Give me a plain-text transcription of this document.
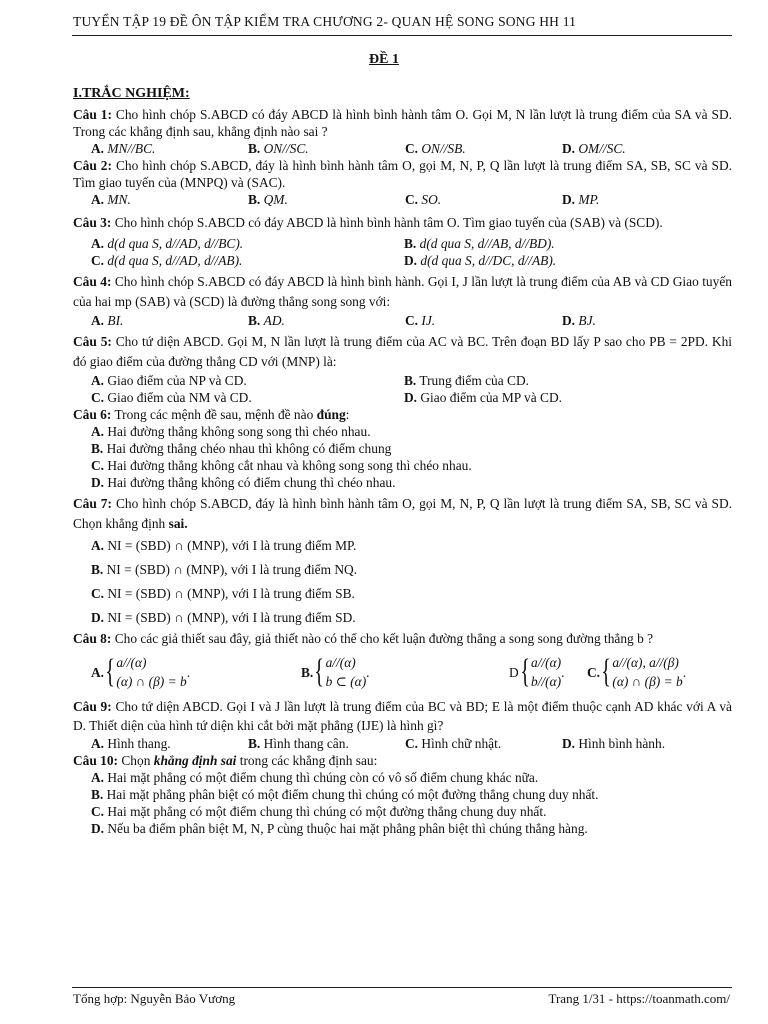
TUYỂN TẬP 19 ĐỀ ÔN TẬP KIỂM TRA CHƯƠNG 2- QUAN HỆ SONG SONG HH 11
ĐỀ 1
I.TRẮC NGHIỆM:
Câu 1: Cho hình chóp S.ABCD có đáy ABCD là hình bình hành tâm O. Gọi M, N lần lượt là trung điểm của SA và SD. Trong các khẳng định sau, khẳng định nào sai ?
A. MN//BC.	B. ON//SC.	C. ON//SB.	D. OM//SC.
Câu 2: Cho hình chóp S.ABCD, đáy là hình bình hành tâm O, gọi M, N, P, Q lần lượt là trung điểm SA, SB, SC và SD. Tìm giao tuyến của (MNPQ) và (SAC).
A. MN.	B. QM.	C. SO.	D. MP.
Câu 3: Cho hình chóp S.ABCD có đáy ABCD là hình bình hành tâm O. Tìm giao tuyến của (SAB) và (SCD).
A. d(d qua S, d//AD, d//BC).	B. d(d qua S, d//AB, d//BD).
C. d(d qua S, d//AD, d//AB).	D. d(d qua S, d//DC, d//AB).
Câu 4: Cho hình chóp S.ABCD có đáy ABCD là hình bình hành. Gọi I, J lần lượt là trung điểm của AB và CD Giao tuyến của hai mp (SAB) và (SCD) là đường thẳng song song với:
A. BI.	B. AD.	C. IJ.	D. BJ.
Câu 5: Cho tứ diện ABCD. Gọi M, N lần lượt là trung điểm của AC và BC. Trên đoạn BD lấy P sao cho PB = 2PD. Khi đó giao điểm của đường thẳng CD với (MNP) là:
A. Giao điểm của NP và CD.	B. Trung điểm của CD.
C. Giao điểm của NM và CD.	D. Giao điểm của MP và CD.
Câu 6: Trong các mệnh đề sau, mệnh đề nào đúng:
A. Hai đường thẳng không song song thì chéo nhau.
B. Hai đường thẳng chéo nhau thì không có điểm chung
C. Hai đường thẳng không cắt nhau và không song song thì chéo nhau.
D. Hai đường thẳng không có điểm chung thì chéo nhau.
Câu 7: Cho hình chóp S.ABCD, đáy là hình bình hành tâm O, gọi M, N, P, Q lần lượt là trung điểm SA, SB, SC và SD. Chọn khẳng định sai.
A. NI = (SBD) ∩ (MNP), với I là trung điểm MP.
B. NI = (SBD) ∩ (MNP), với I là trung điểm NQ.
C. NI = (SBD) ∩ (MNP), với I là trung điểm SB.
D. NI = (SBD) ∩ (MNP), với I là trung điểm SD.
Câu 8: Cho các giả thiết sau đây, giả thiết nào có thể cho kết luận đường thẳng a song song đường thẳng b ?
A. { a//(α)
(α) ∩ (β) = b
.	B. { a//(α)
b ⊂ (α)
.	D { a//(α)
b//(α)
.	C. { a//(α), a//(β)
(α) ∩ (β) = b
.
Câu 9: Cho tứ diện ABCD. Gọi I và J lần lượt là trung điểm của BC và BD; E là một điểm thuộc cạnh AD khác với A và D. Thiết diện của hình tứ diện khi cắt bởi mặt phẳng (IJE) là hình gì?
A. Hình thang.	B. Hình thang cân.	C. Hình chữ nhật.	D. Hình bình hành.
Câu 10: Chọn khẳng định sai trong các khẳng định sau:
A. Hai mặt phẳng có một điểm chung thì chúng còn có vô số điểm chung khác nữa.
B. Hai mặt phẳng phân biệt có một điểm chung thì chúng có một đường thẳng chung duy nhất.
C. Hai mặt phẳng có một điểm chung thì chúng có một đường thẳng chung duy nhất.
D. Nếu ba điểm phân biệt M, N, P cùng thuộc hai mặt phẳng phân biệt thì chúng thẳng hàng.
Tổng hợp: Nguyễn Bảo Vương	Trang 1/31 - https://toanmath.com/
